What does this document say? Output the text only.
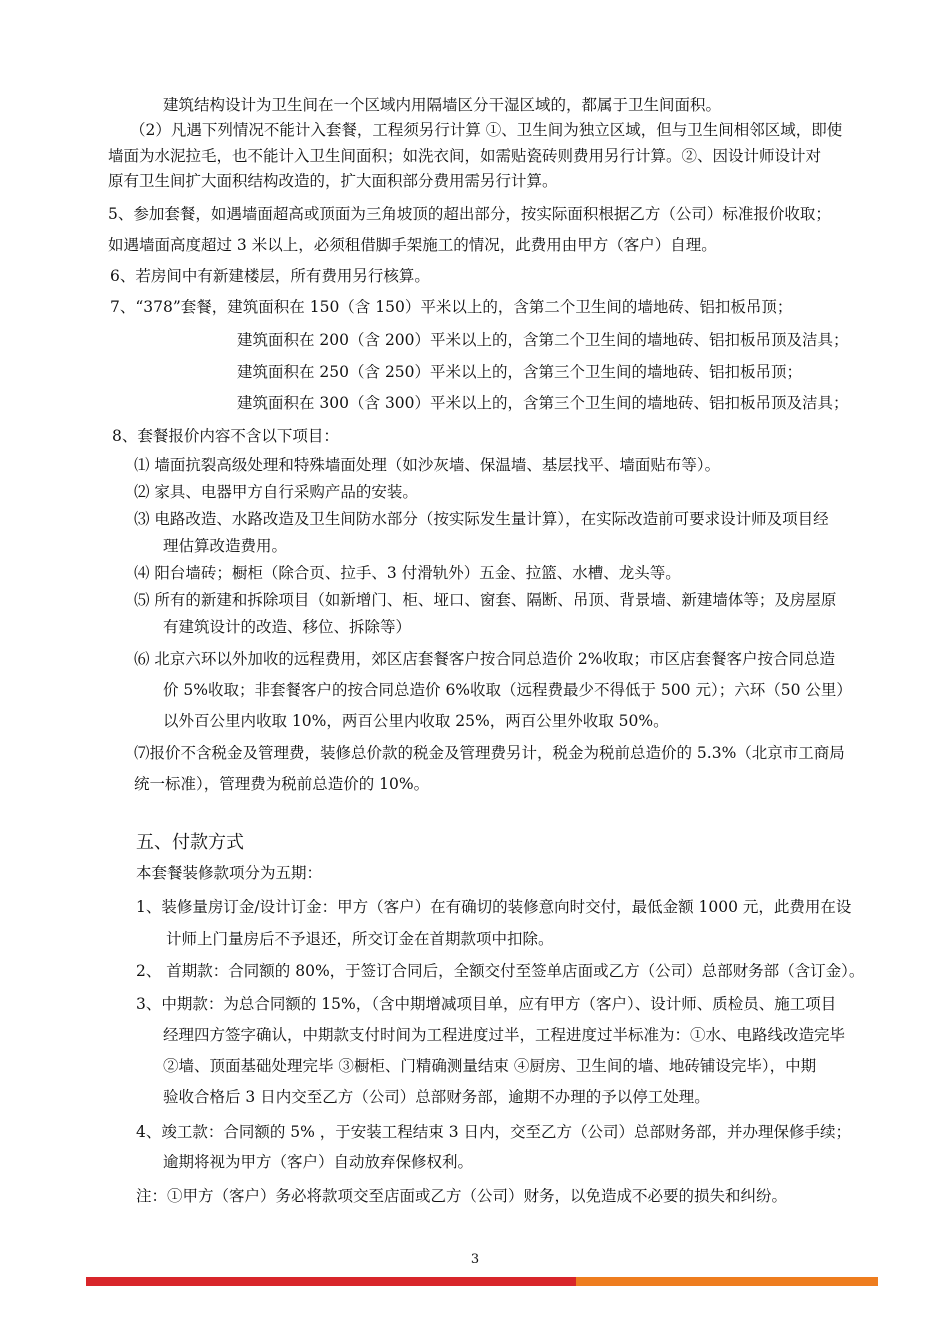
建筑结构设计为卫生间在一个区域内用隔墙区分干湿区域的，都属于卫生间面积。
（2）凡遇下列情况不能计入套餐，工程须另行计算 ①、卫生间为独立区域，但与卫生间相邻区域，即使
墙面为水泥拉毛，也不能计入卫生间面积；如洗衣间，如需贴瓷砖则费用另行计算。②、因设计师设计对
原有卫生间扩大面积结构改造的，扩大面积部分费用需另行计算。
5、参加套餐，如遇墙面超高或顶面为三角坡顶的超出部分，按实际面积根据乙方（公司）标准报价收取；
如遇墙面高度超过 3 米以上，必须租借脚手架施工的情况，此费用由甲方（客户）自理。
6、若房间中有新建楼层，所有费用另行核算。
7、“378”套餐，建筑面积在 150（含 150）平米以上的，含第二个卫生间的墙地砖、铝扣板吊顶；
建筑面积在 200（含 200）平米以上的，含第二个卫生间的墙地砖、铝扣板吊顶及洁具；
建筑面积在 250（含 250）平米以上的，含第三个卫生间的墙地砖、铝扣板吊顶；
建筑面积在 300（含 300）平米以上的，含第三个卫生间的墙地砖、铝扣板吊顶及洁具；
8、套餐报价内容不含以下项目：
⑴ 墙面抗裂高级处理和特殊墙面处理（如沙灰墙、保温墙、基层找平、墙面贴布等）。
⑵ 家具、电器甲方自行采购产品的安装。
⑶ 电路改造、水路改造及卫生间防水部分（按实际发生量计算），在实际改造前可要求设计师及项目经
理估算改造费用。
⑷ 阳台墙砖；橱柜（除合页、拉手、3 付滑轨外）五金、拉篮、水槽、龙头等。
⑸ 所有的新建和拆除项目（如新增门、柜、垭口、窗套、隔断、吊顶、背景墙、新建墙体等；及房屋原
有建筑设计的改造、移位、拆除等）
⑹ 北京六环以外加收的远程费用，郊区店套餐客户按合同总造价 2%收取；市区店套餐客户按合同总造
价 5%收取；非套餐客户的按合同总造价 6%收取（远程费最少不得低于 500 元）；六环（50 公里）
以外百公里内收取 10%，两百公里内收取 25%，两百公里外收取 50%。
⑺报价不含税金及管理费，装修总价款的税金及管理费另计，税金为税前总造价的 5.3%（北京市工商局
统一标准），管理费为税前总造价的 10%。
五、付款方式
本套餐装修款项分为五期：
1、装修量房订金/设计订金：甲方（客户）在有确切的装修意向时交付，最低金额 1000 元，此费用在设
计师上门量房后不予退还，所交订金在首期款项中扣除。
2、 首期款：合同额的 80%，于签订合同后，全额交付至签单店面或乙方（公司）总部财务部（含订金）。
3、中期款：为总合同额的 15%，（含中期增减项目单，应有甲方（客户）、设计师、质检员、施工项目
经理四方签字确认，中期款支付时间为工程进度过半，工程进度过半标准为：①水、电路线改造完毕
②墙、顶面基础处理完毕 ③橱柜、门精确测量结束 ④厨房、卫生间的墙、地砖铺设完毕），中期
验收合格后 3 日内交至乙方（公司）总部财务部，逾期不办理的予以停工处理。
4、竣工款：合同额的 5% ，于安装工程结束 3 日内，交至乙方（公司）总部财务部，并办理保修手续；
逾期将视为甲方（客户）自动放弃保修权利。
注：①甲方（客户）务必将款项交至店面或乙方（公司）财务，以免造成不必要的损失和纠纷。
3
